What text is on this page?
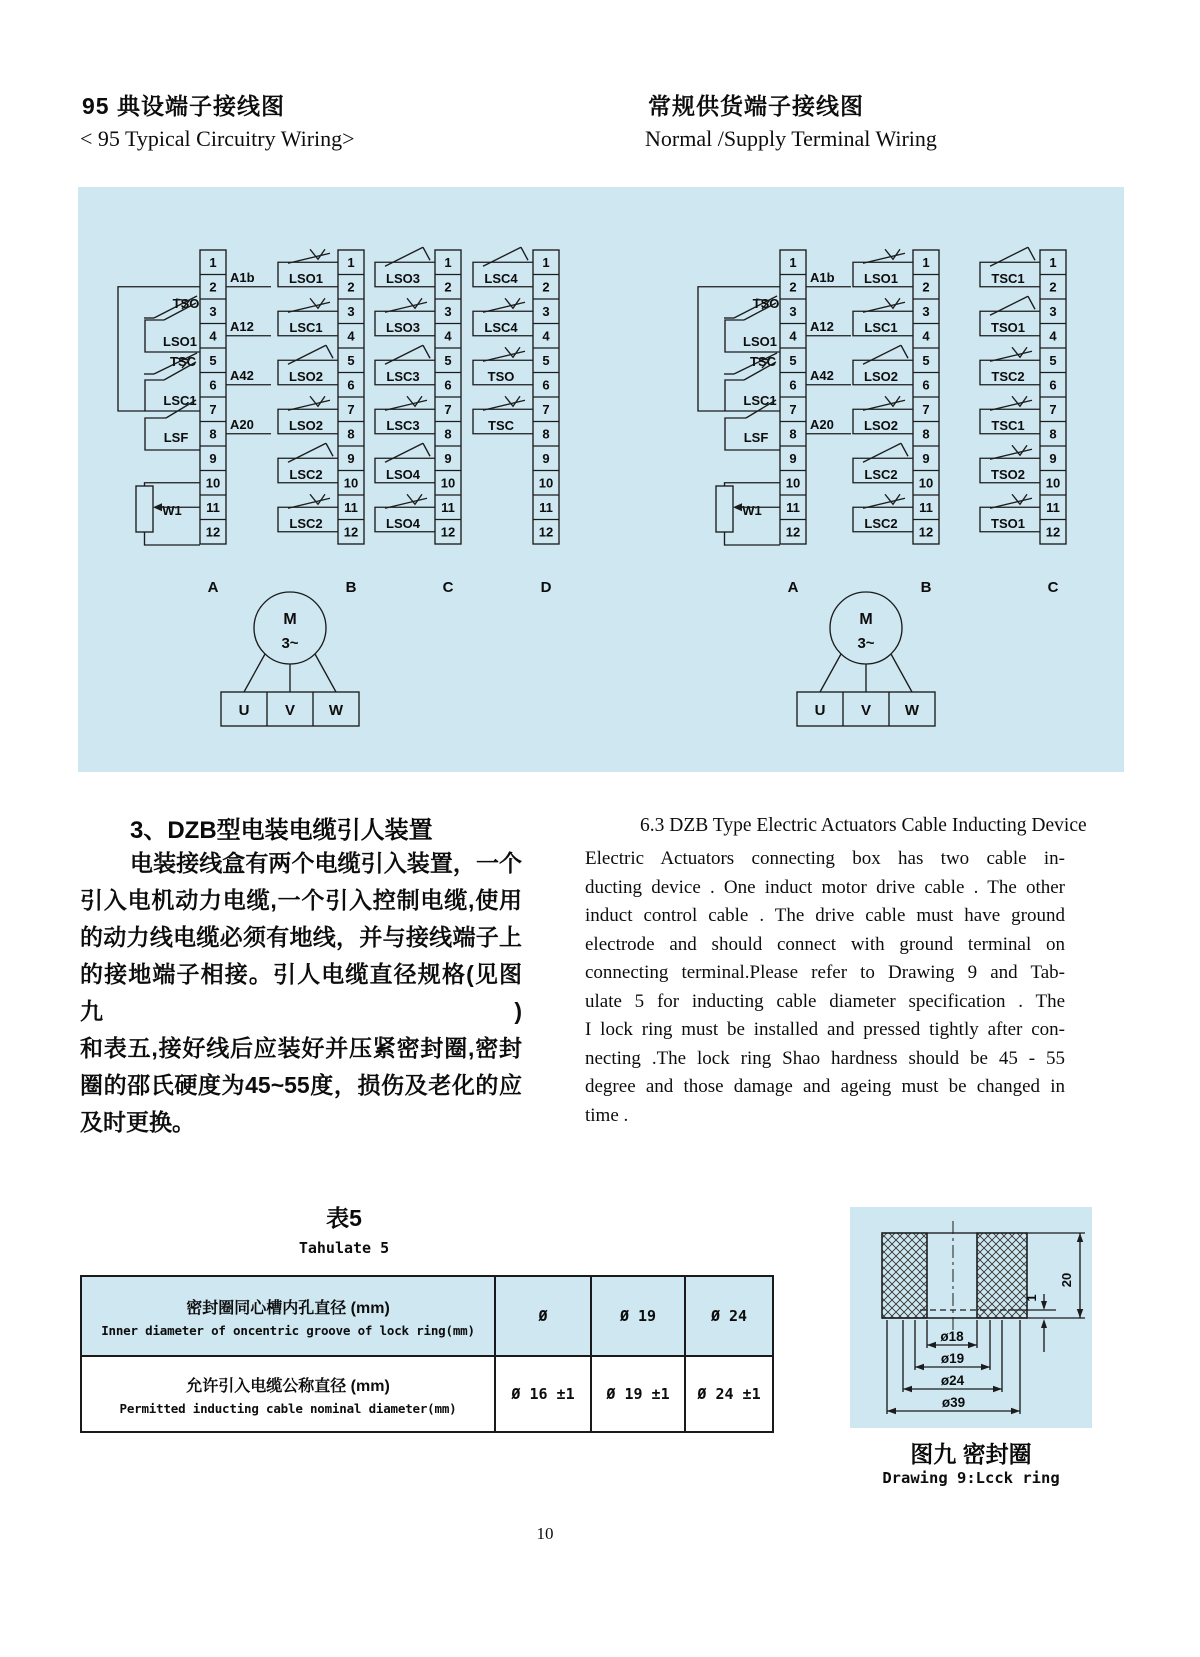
95 典设端子接线图
< 95 Typical Circuitry Wiring>
常规供货端子接线图
Normal /Supply Terminal Wiring
1
2
3
4
5
6
7
8
9
10
11
12
A
A1b
A12
A42
A20
TSO
LSO1
TSC
LSC1
LSF
W1
1
2
3
4
5
6
7
8
9
10
11
12
B
LSO1
LSC1
LSO2
LSO2
LSC2
LSC2
1
2
3
4
5
6
7
8
9
10
11
12
C
LSO3
LSO3
LSC3
LSC3
LSO4
LSO4
1
2
3
4
5
6
7
8
9
10
11
12
D
LSC4
LSC4
TSO
TSC
M
3~
U V W
1
2
3
4
5
6
7
8
9
10
11
12
A
A1b
A12
A42
A20
TSO
LSO1
TSC
LSC1
LSF
W1
1
2
3
4
5
6
7
8
9
10
11
12
B
LSO1
LSC1
LSO2
LSO2
LSC2
LSC2
1
2
3
4
5
6
7
8
9
10
11
12
C
TSC1
TSO1
TSC2
TSC1
TSO2
TSO1
M
3~
U V W
3、DZB型电装电缆引人装置
电装接线盒有两个电缆引入装置，一个
引入电机动力电缆,一个引入控制电缆,使用
的动力线电缆必须有地线，并与接线端子上
的接地端子相接。引人电缆直径规格(见图九)
和表五,接好线后应装好并压紧密封圈,密封
圈的邵氏硬度为45~55度，损伤及老化的应
及时更换。
6.3 DZB Type Electric Actuators Cable Inducting Device
Electric Actuators connecting box has two cable in-
ducting device . One induct motor drive cable . The other
induct control cable . The drive cable must have ground
electrode and should connect with ground terminal on
connecting terminal.Please refer to Drawing 9 and Tab-
ulate 5 for inducting cable diameter specification . The
I lock ring must be installed and pressed tightly after con-
necting .The lock ring Shao hardness should be 45 - 55
degree and those damage and ageing must be changed in
time .
表5
Tahulate 5
密封圈同心槽内孔直径 (mm)
Inner diameter of oncentric groove of lock ring(mm)
Ø	Ø 19	Ø 24
允许引入电缆公称直径 (mm)
Permitted inducting cable nominal diameter(mm)
Ø 16 ±1	Ø 19 ±1	Ø 24 ±1
ø18
ø19
ø24
ø39
20
1
图九 密封圈
Drawing 9:Lcck ring
10
